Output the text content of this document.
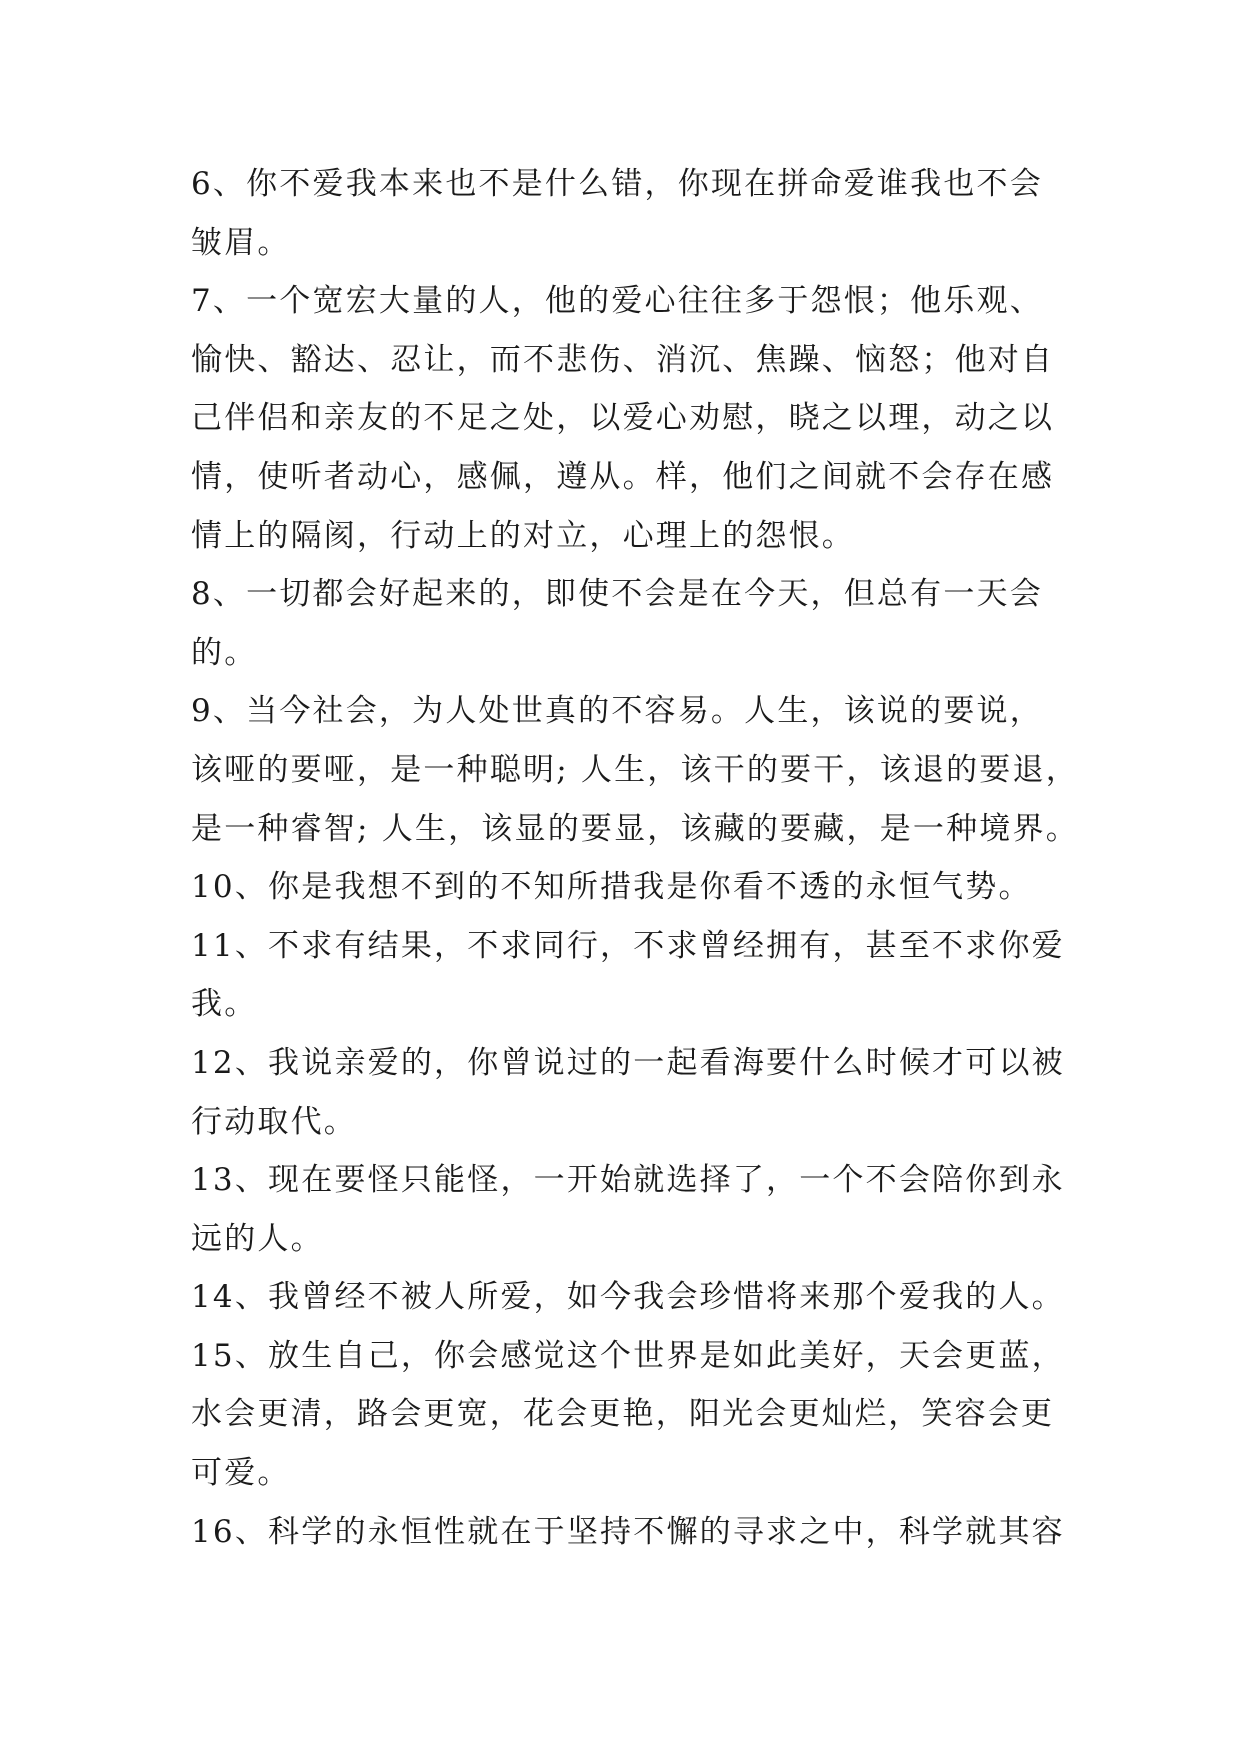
6、你不爱我本来也不是什么错，你现在拼命爱谁我也不会
皱眉。
7、一个宽宏大量的人，他的爱心往往多于怨恨；他乐观、
愉快、豁达、忍让，而不悲伤、消沉、焦躁、恼怒；他对自
己伴侣和亲友的不足之处，以爱心劝慰，晓之以理，动之以
情，使听者动心，感佩，遵从。样，他们之间就不会存在感
情上的隔阂，行动上的对立，心理上的怨恨。
8、一切都会好起来的，即使不会是在今天，但总有一天会
的。
9、当今社会，为人处世真的不容易。人生，该说的要说，
该哑的要哑，是一种聪明; 人生，该干的要干，该退的要退，
是一种睿智; 人生，该显的要显，该藏的要藏，是一种境界。
10、你是我想不到的不知所措我是你看不透的永恒气势。
11、不求有结果，不求同行，不求曾经拥有，甚至不求你爱
我。
12、我说亲爱的，你曾说过的一起看海要什么时候才可以被
行动取代。
13、现在要怪只能怪，一开始就选择了，一个不会陪你到永
远的人。
14、我曾经不被人所爱，如今我会珍惜将来那个爱我的人。
15、放生自己，你会感觉这个世界是如此美好，天会更蓝，
水会更清，路会更宽，花会更艳，阳光会更灿烂，笑容会更
可爱。
16、科学的永恒性就在于坚持不懈的寻求之中，科学就其容
